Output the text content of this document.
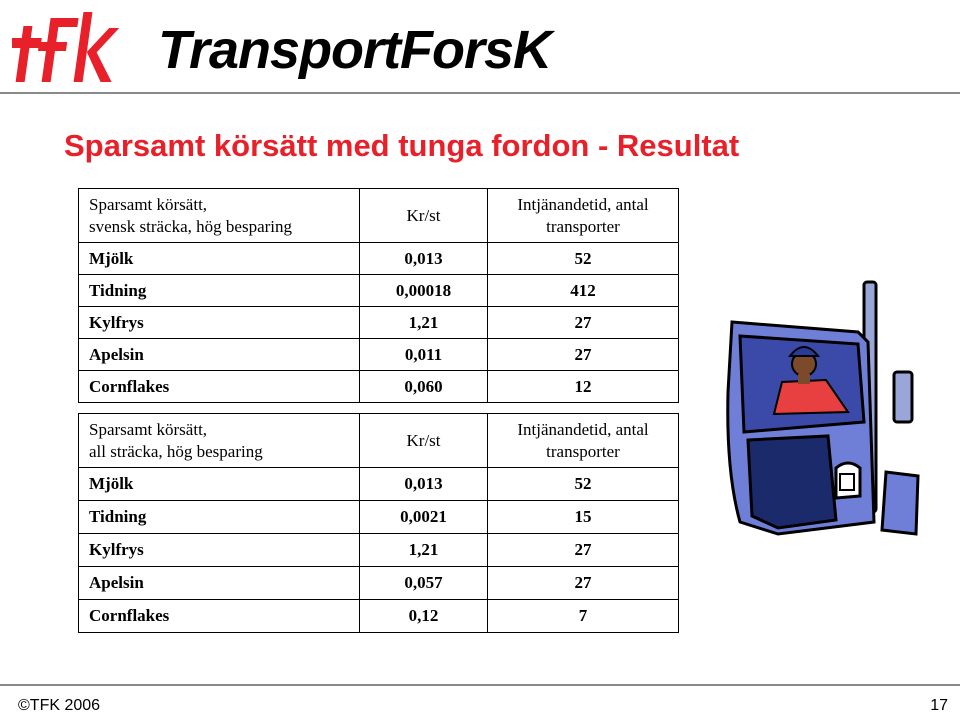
TransportForsK
Sparsamt körsätt med tunga fordon - Resultat
Sparsamt körsätt,
svensk sträcka, hög besparing	Kr/st	Intjänandetid, antal
transporter
Mjölk	0,013	52
Tidning	0,00018	412
Kylfrys	1,21	27
Apelsin	0,011	27
Cornflakes	0,060	12
Sparsamt körsätt,
all sträcka, hög besparing	Kr/st	Intjänandetid, antal
transporter
Mjölk	0,013	52
Tidning	0,0021	15
Kylfrys	1,21	27
Apelsin	0,057	27
Cornflakes	0,12	7
©TFK 2006	17
